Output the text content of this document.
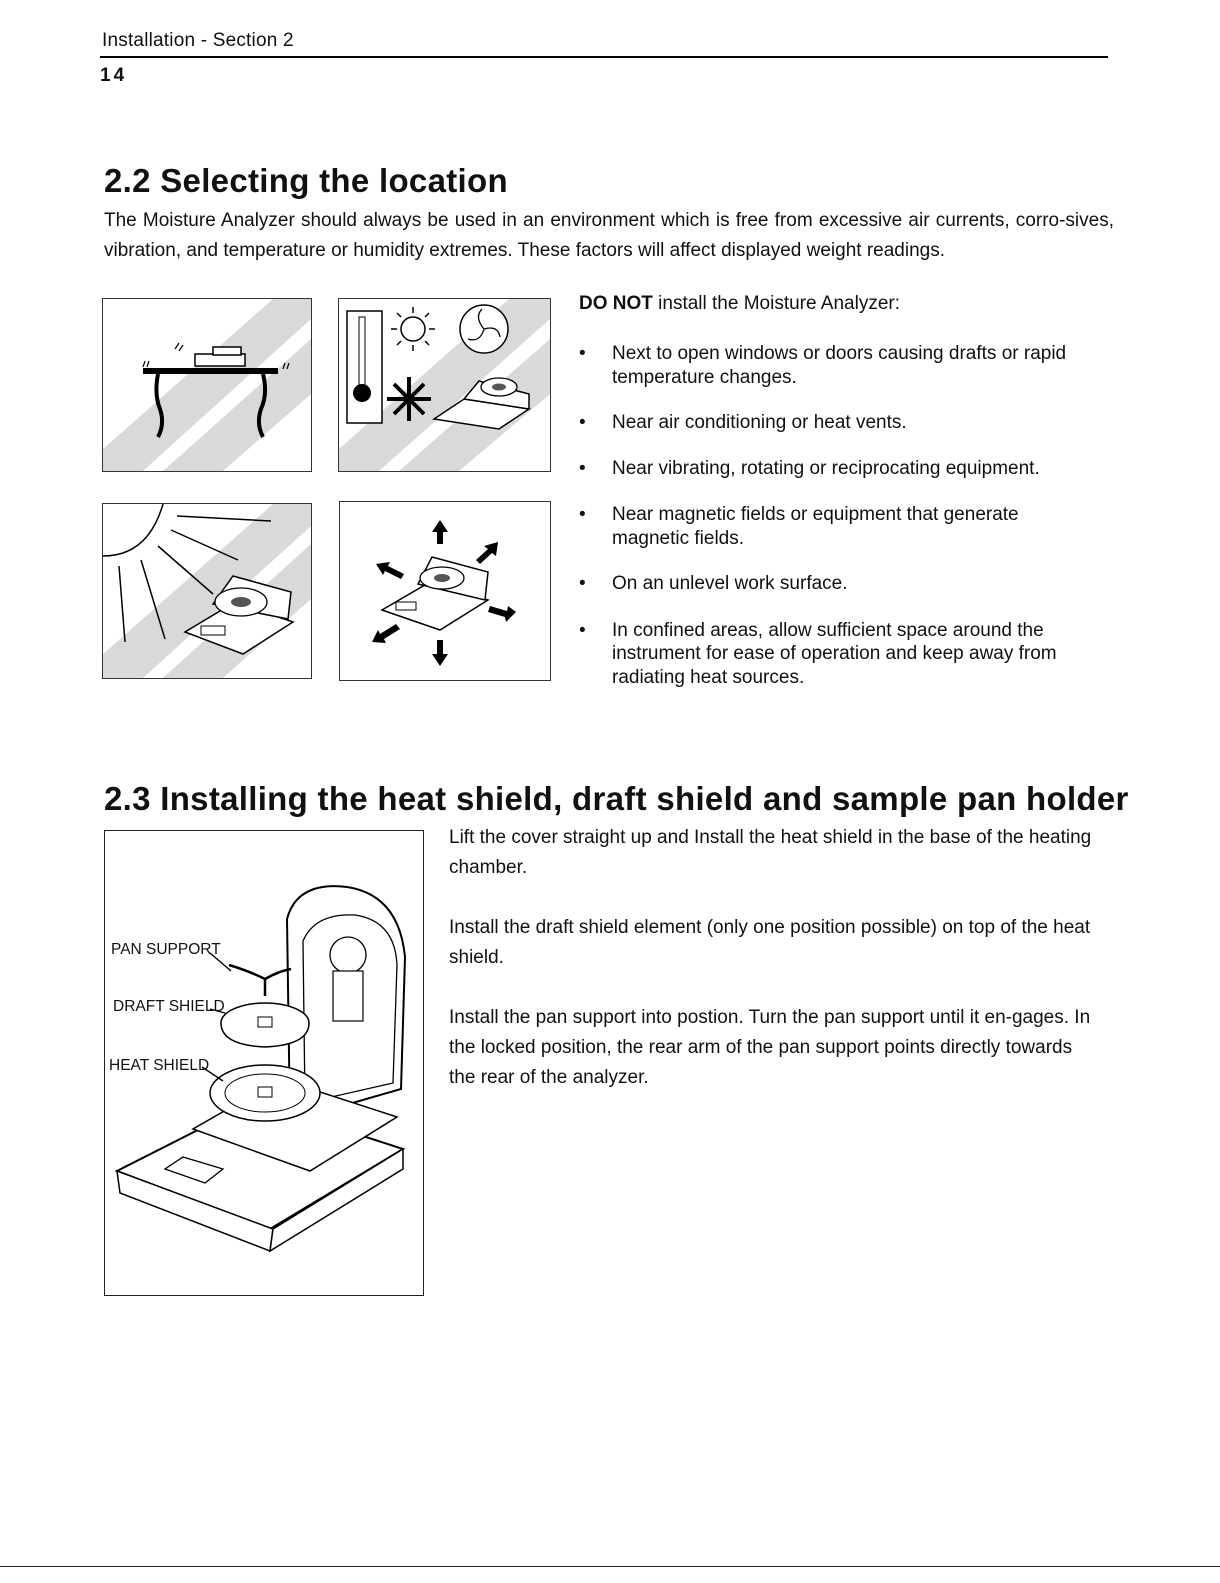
Installation - Section 2
14
2.2 Selecting the location
The Moisture Analyzer should always be used in an environment which is free from excessive air currents, corro-sives, vibration, and temperature or humidity extremes. These factors will affect displayed weight readings.
DO NOT install the Moisture Analyzer:
• Next to open windows or doors causing drafts or rapid temperature changes.
• Near air conditioning or heat vents.
• Near vibrating, rotating or reciprocating equipment.
• Near magnetic fields or equipment that generate magnetic fields.
• On an unlevel work surface.
• In confined areas, allow sufficient space around the instrument for ease of operation and keep away from radiating heat sources.
2.3 Installing the heat shield, draft shield and sample pan holder
PAN SUPPORT
DRAFT SHIELD
HEAT SHIELD

Lift the cover straight up and Install the heat shield in the base of the heating chamber.

Install the draft shield element (only one position possible) on top of the heat shield.

Install the pan support into postion. Turn the pan support until it en-gages. In the locked position, the rear arm of the pan support points directly towards the rear of the analyzer.
